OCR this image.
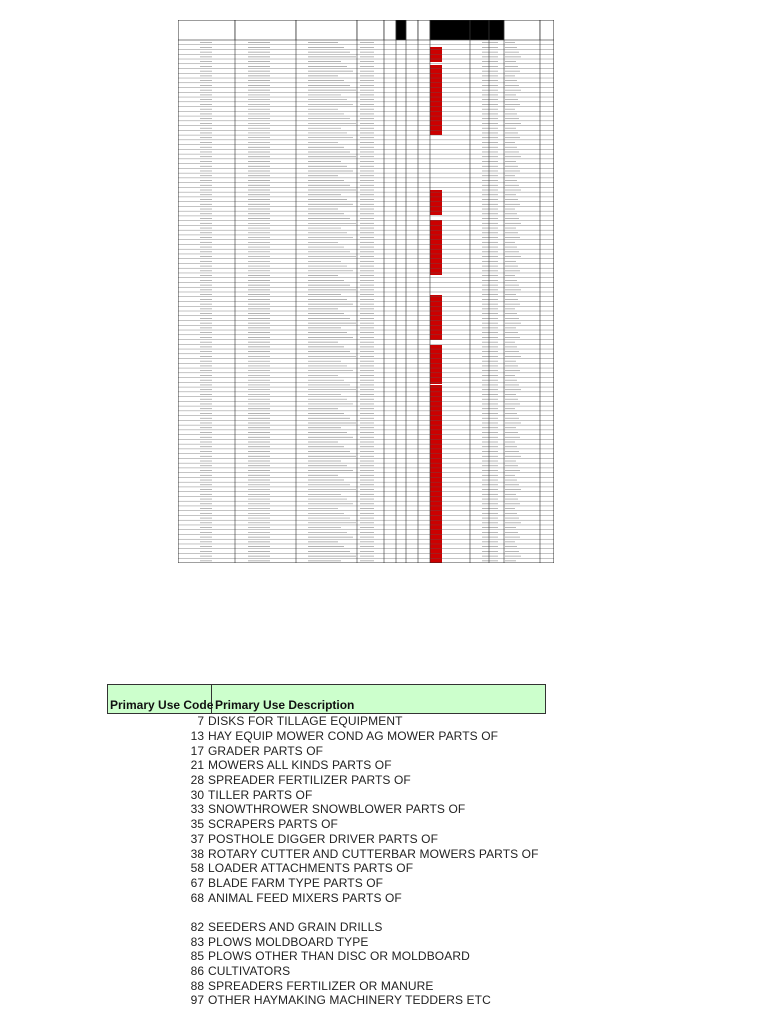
Primary Use Code Primary Use Description
7 DISKS FOR TILLAGE EQUIPMENT
13 HAY EQUIP MOWER COND AG MOWER PARTS OF
17 GRADER PARTS OF
21 MOWERS ALL KINDS PARTS OF
28 SPREADER FERTILIZER PARTS OF
30 TILLER PARTS OF
33 SNOWTHROWER SNOWBLOWER PARTS OF
35 SCRAPERS PARTS OF
37 POSTHOLE DIGGER DRIVER PARTS OF
38 ROTARY CUTTER AND CUTTERBAR MOWERS PARTS OF
58 LOADER ATTACHMENTS PARTS OF
67 BLADE FARM TYPE PARTS OF
68 ANIMAL FEED MIXERS PARTS OF
82 SEEDERS AND GRAIN DRILLS
83 PLOWS MOLDBOARD TYPE
85 PLOWS OTHER THAN DISC OR MOLDBOARD
86 CULTIVATORS
88 SPREADERS FERTILIZER OR MANURE
97 OTHER HAYMAKING MACHINERY TEDDERS ETC
